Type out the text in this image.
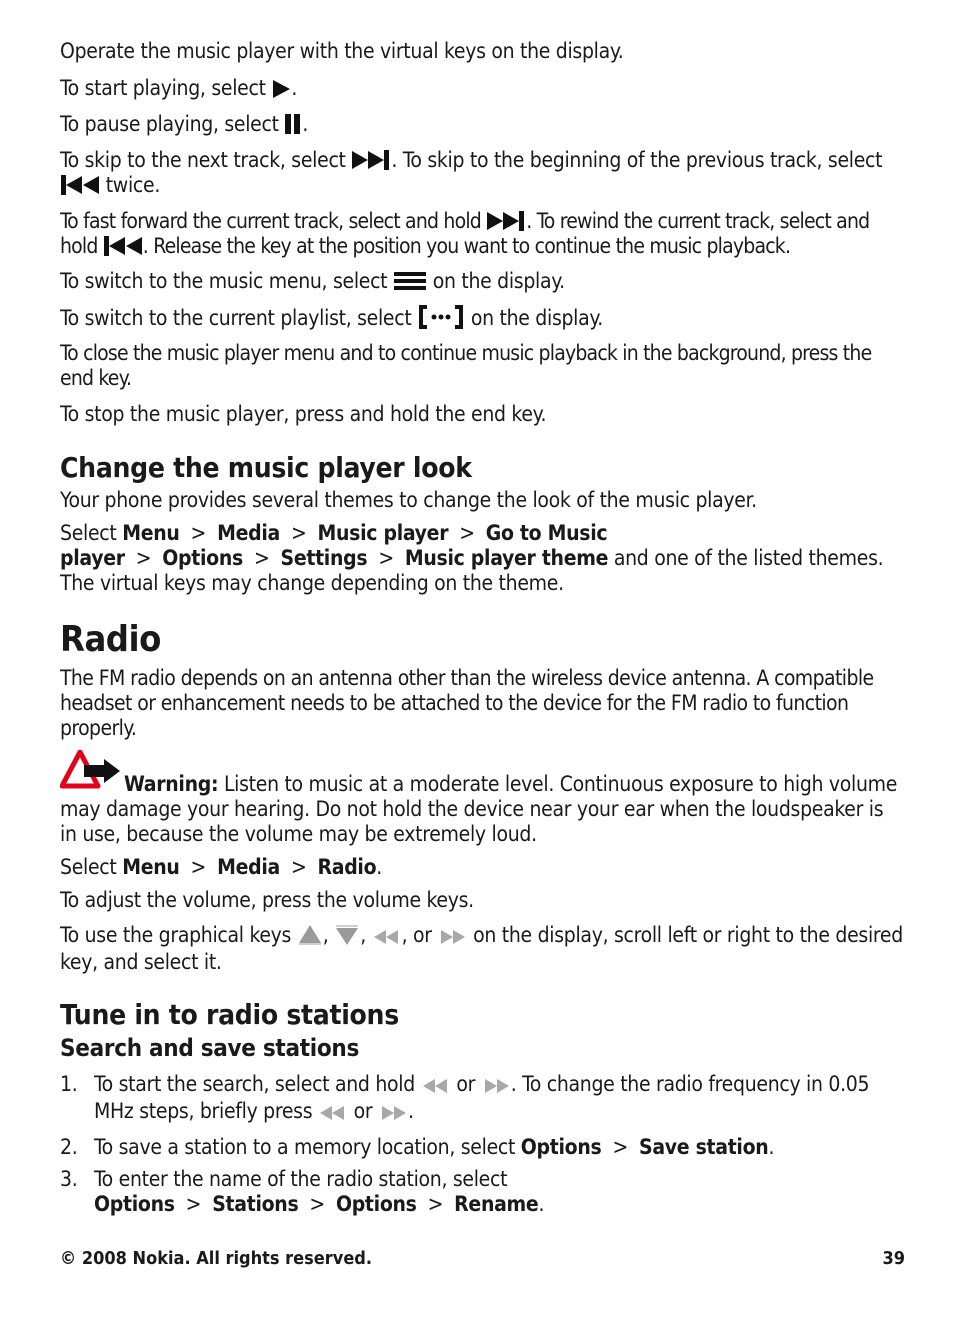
Operate the music player with the virtual keys on the display.

To start playing, select .

To pause playing, select .

To skip to the next track, select . To skip to the beginning of the previous track, select
twice.

To fast forward the current track, select and hold . To rewind the current track, select and hold . Release the key at the position you want to continue the music playback.

To switch to the music menu, select on the display.

To switch to the current playlist, select	on the display.

To close the music player menu and to continue music playback in the background, press the end key.

To stop the music player, press and hold the end key.

Change the music player look

Your phone provides several themes to change the look of the music player.

Select Menu > Media > Music player > Go to Music player > Options > Settings > Music player theme and one of the listed themes. The virtual keys may change depending on the theme.

Radio

The FM radio depends on an antenna other than the wireless device antenna. A compatible headset or enhancement needs to be attached to the device for the FM radio to function properly.

Warning: Listen to music at a moderate level. Continuous exposure to high volume may damage your hearing. Do not hold the device near your ear when the loudspeaker is in use, because the volume may be extremely loud.

Select Menu > Media > Radio.

To adjust the volume, press the volume keys.

To use the graphical keys , , , or on the display, scroll left or right to the desired key, and select it.

Tune in to radio stations
Search and save stations
1. To start the search, select and hold or . To change the radio frequency in 0.05 MHz steps, briefly press or .
2. To save a station to a memory location, select Options > Save station.
3. To enter the name of the radio station, select Options > Stations > Options > Rename.
© 2008 Nokia. All rights reserved.	39
